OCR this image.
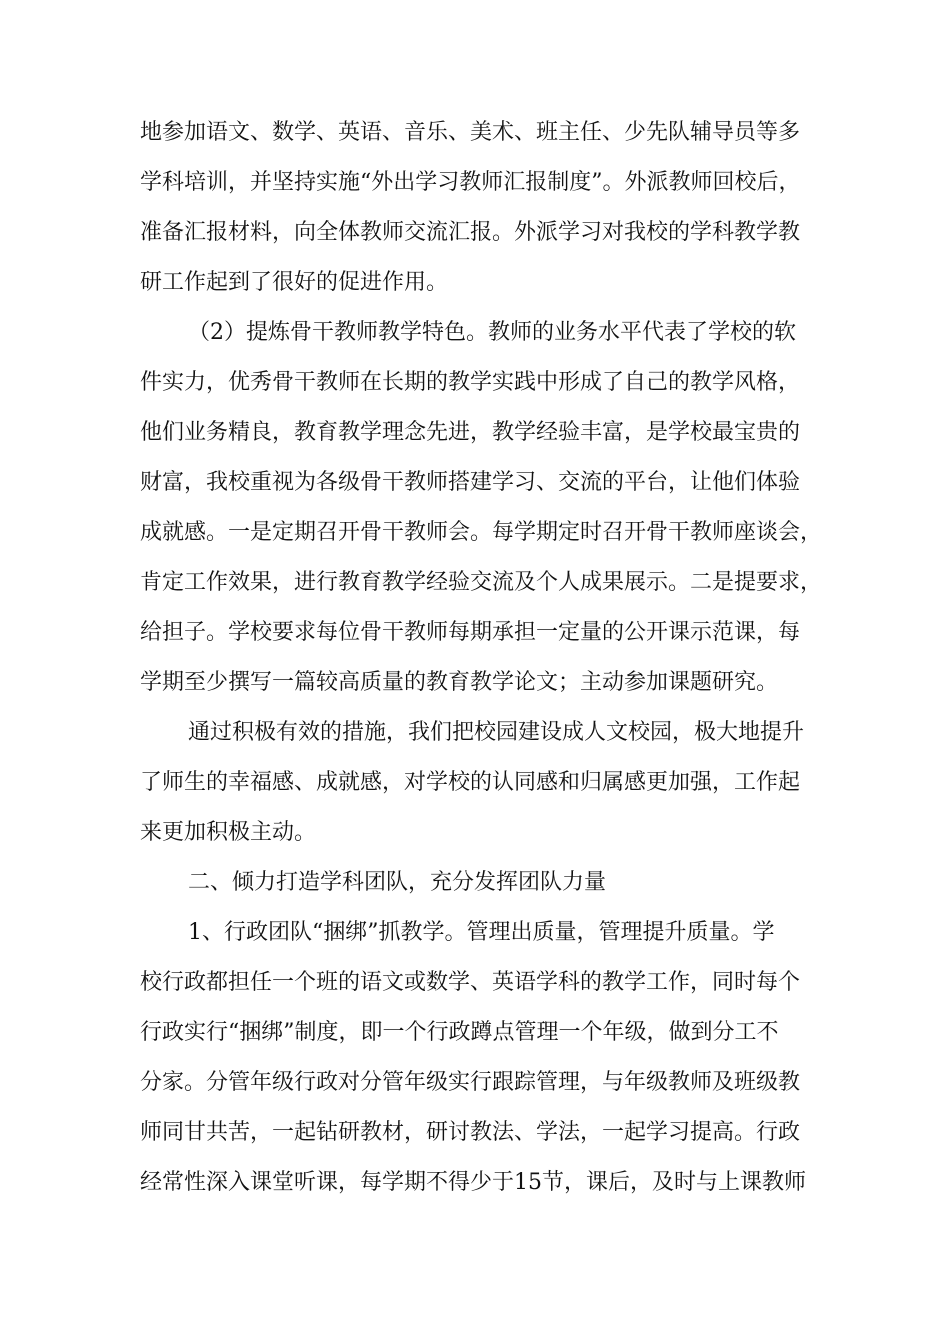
地参加语文、数学、英语、音乐、美术、班主任、少先队辅导员等多
学科培训，并坚持实施“外出学习教师汇报制度”。外派教师回校后，
准备汇报材料，向全体教师交流汇报。外派学习对我校的学科教学教
研工作起到了很好的促进作用。
（2）提炼骨干教师教学特色。教师的业务水平代表了学校的软
件实力，优秀骨干教师在长期的教学实践中形成了自己的教学风格，
他们业务精良，教育教学理念先进，教学经验丰富，是学校最宝贵的
财富，我校重视为各级骨干教师搭建学习、交流的平台，让他们体验
成就感。一是定期召开骨干教师会。每学期定时召开骨干教师座谈会，
肯定工作效果，进行教育教学经验交流及个人成果展示。二是提要求，
给担子。学校要求每位骨干教师每期承担一定量的公开课示范课，每
学期至少撰写一篇较高质量的教育教学论文；主动参加课题研究。
通过积极有效的措施，我们把校园建设成人文校园，极大地提升
了师生的幸福感、成就感，对学校的认同感和归属感更加强，工作起
来更加积极主动。
二、倾力打造学科团队，充分发挥团队力量
1、行政团队“捆绑”抓教学。管理出质量，管理提升质量。学
校行政都担任一个班的语文或数学、英语学科的教学工作，同时每个
行政实行“捆绑”制度，即一个行政蹲点管理一个年级，做到分工不
分家。分管年级行政对分管年级实行跟踪管理，与年级教师及班级教
师同甘共苦，一起钻研教材，研讨教法、学法，一起学习提高。行政
经常性深入课堂听课，每学期不得少于15节，课后，及时与上课教师
